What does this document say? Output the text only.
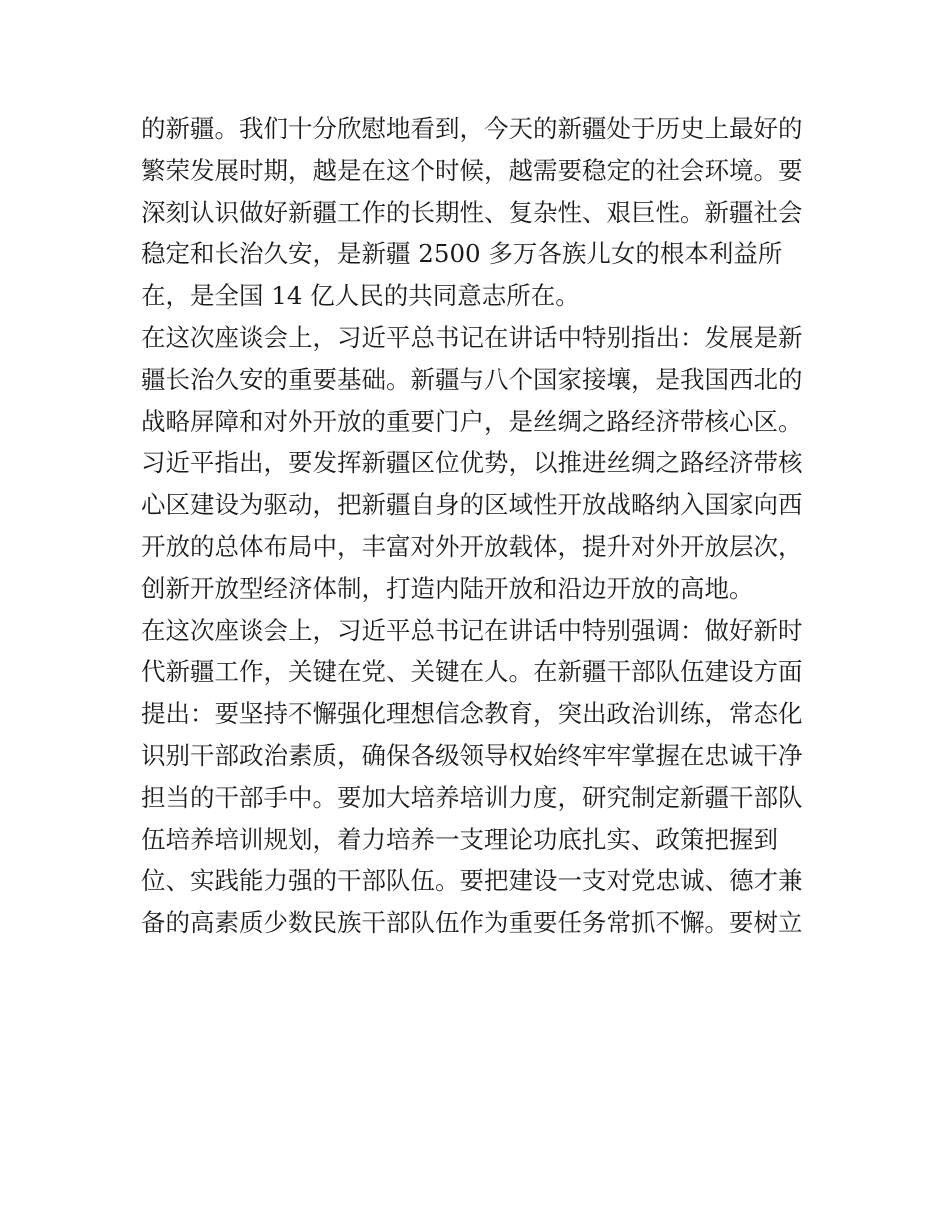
的新疆。我们十分欣慰地看到，今天的新疆处于历史上最好的
繁荣发展时期，越是在这个时候，越需要稳定的社会环境。要
深刻认识做好新疆工作的长期性、复杂性、艰巨性。新疆社会
稳定和长治久安，是新疆 2500 多万各族儿女的根本利益所
在，是全国 14 亿人民的共同意志所在。
在这次座谈会上，习近平总书记在讲话中特别指出：发展是新
疆长治久安的重要基础。新疆与八个国家接壤，是我国西北的
战略屏障和对外开放的重要门户，是丝绸之路经济带核心区。
习近平指出，要发挥新疆区位优势，以推进丝绸之路经济带核
心区建设为驱动，把新疆自身的区域性开放战略纳入国家向西
开放的总体布局中，丰富对外开放载体，提升对外开放层次，
创新开放型经济体制，打造内陆开放和沿边开放的高地。
在这次座谈会上，习近平总书记在讲话中特别强调：做好新时
代新疆工作，关键在党、关键在人。在新疆干部队伍建设方面
提出：要坚持不懈强化理想信念教育，突出政治训练，常态化
识别干部政治素质，确保各级领导权始终牢牢掌握在忠诚干净
担当的干部手中。要加大培养培训力度，研究制定新疆干部队
伍培养培训规划，着力培养一支理论功底扎实、政策把握到
位、实践能力强的干部队伍。要把建设一支对党忠诚、德才兼
备的高素质少数民族干部队伍作为重要任务常抓不懈。要树立
